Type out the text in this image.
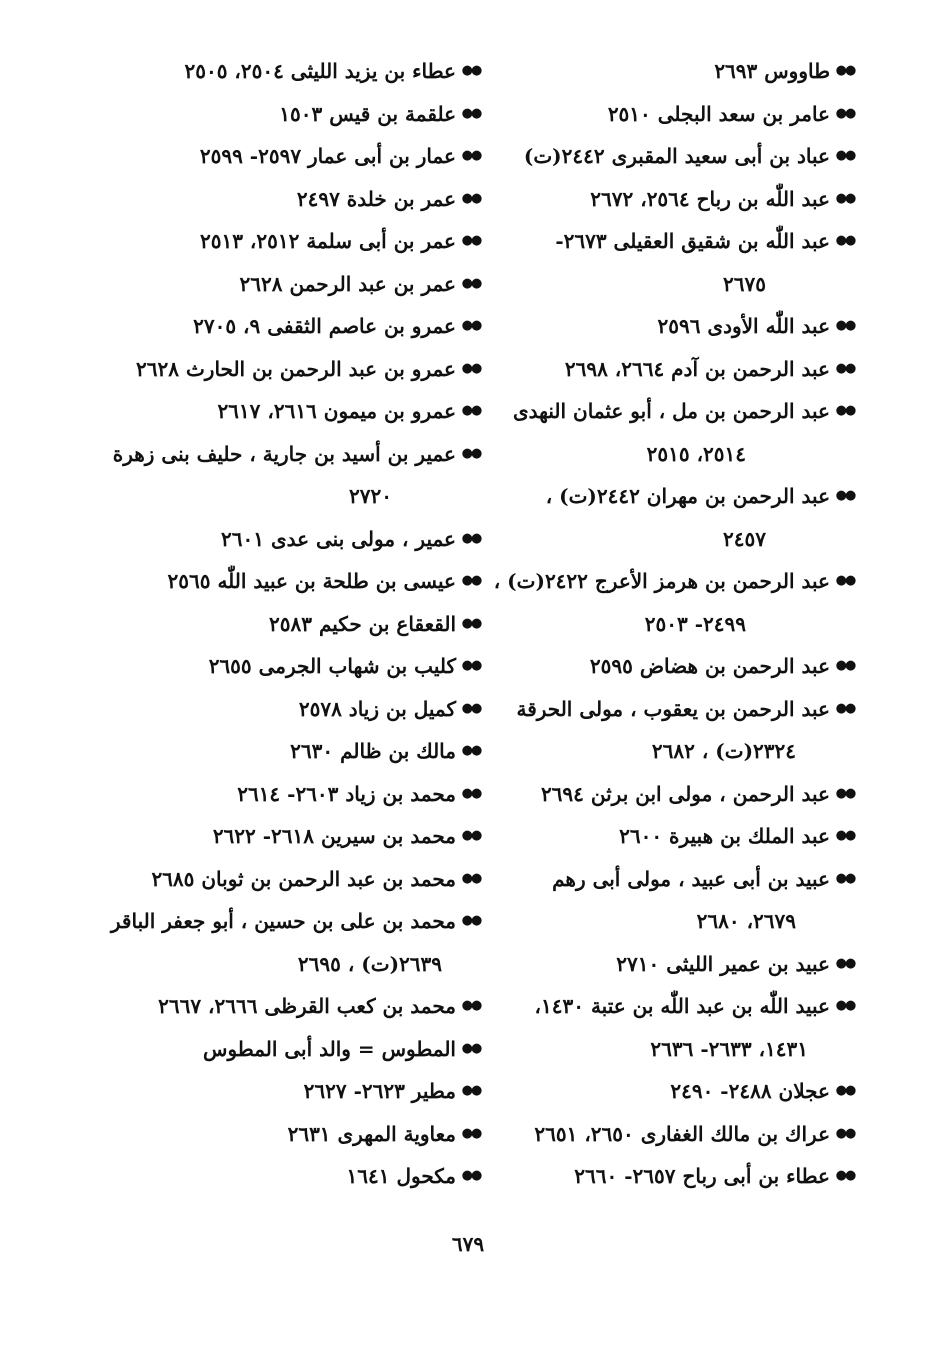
●●
طاووس ٢٦٩٣
●●
عامر بن سعد البجلى ٢٥١٠
●●
عباد بن أبى سعيد المقبرى ٢٤٤٢(ت)
●●
عبد اللّٰه بن رباح ٢٥٦٤، ٢٦٧٢
●●
عبد اللّٰه بن شقيق العقيلى ٢٦٧٣-
٢٦٧٥
●●
عبد اللّٰه الأودى ٢٥٩٦
●●
عبد الرحمن بن آدم ٢٦٦٤، ٢٦٩٨
●●
عبد الرحمن بن مل ، أبو عثمان النهدى
٢٥١٤، ٢٥١٥
●●
عبد الرحمن بن مهران ٢٤٤٢(ت) ،
٢٤٥٧
●●
عبد الرحمن بن هرمز الأعرج ٢٤٢٢(ت) ،
٢٤٩٩- ٢٥٠٣
●●
عبد الرحمن بن هضاض ٢٥٩٥
●●
عبد الرحمن بن يعقوب ، مولى الحرقة
٢٣٢٤(ت) ، ٢٦٨٢
●●
عبد الرحمن ، مولى ابن برثن ٢٦٩٤
●●
عبد الملك بن هبيرة ٢٦٠٠
●●
عبيد بن أبى عبيد ، مولى أبى رهم
٢٦٧٩، ٢٦٨٠
●●
عبيد بن عمير الليثى ٢٧١٠
●●
عبيد اللّٰه بن عبد اللّٰه بن عتبة ١٤٣٠،
١٤٣١، ٢٦٣٣- ٢٦٣٦
●●
عجلان ٢٤٨٨- ٢٤٩٠
●●
عراك بن مالك الغفارى ٢٦٥٠، ٢٦٥١
●●
عطاء بن أبى رباح ٢٦٥٧- ٢٦٦٠
●●
عطاء بن يزيد الليثى ٢٥٠٤، ٢٥٠٥
●●
علقمة بن قيس ١٥٠٣
●●
عمار بن أبى عمار ٢٥٩٧- ٢٥٩٩
●●
عمر بن خلدة ٢٤٩٧
●●
عمر بن أبى سلمة ٢٥١٢، ٢٥١٣
●●
عمر بن عبد الرحمن ٢٦٢٨
●●
عمرو بن عاصم الثقفى ٩، ٢٧٠٥
●●
عمرو بن عبد الرحمن بن الحارث ٢٦٢٨
●●
عمرو بن ميمون ٢٦١٦، ٢٦١٧
●●
عمير بن أسيد بن جارية ، حليف بنى زهرة
٢٧٢٠
●●
عمير ، مولى بنى عدى ٢٦٠١
●●
عيسى بن طلحة بن عبيد اللّٰه ٢٥٦٥
●●
القعقاع بن حكيم ٢٥٨٣
●●
كليب بن شهاب الجرمى ٢٦٥٥
●●
كميل بن زياد ٢٥٧٨
●●
مالك بن ظالم ٢٦٣٠
●●
محمد بن زياد ٢٦٠٣- ٢٦١٤
●●
محمد بن سيرين ٢٦١٨- ٢٦٢٢
●●
محمد بن عبد الرحمن بن ثوبان ٢٦٨٥
●●
محمد بن على بن حسين ، أبو جعفر الباقر
٢٦٣٩(ت) ، ٢٦٩٥
●●
محمد بن كعب القرظى ٢٦٦٦، ٢٦٦٧
●●
المطوس = والد أبى المطوس
●●
مطير ٢٦٢٣- ٢٦٢٧
●●
معاوية المهرى ٢٦٣١
●●
مكحول ١٦٤١
٦٧٩
